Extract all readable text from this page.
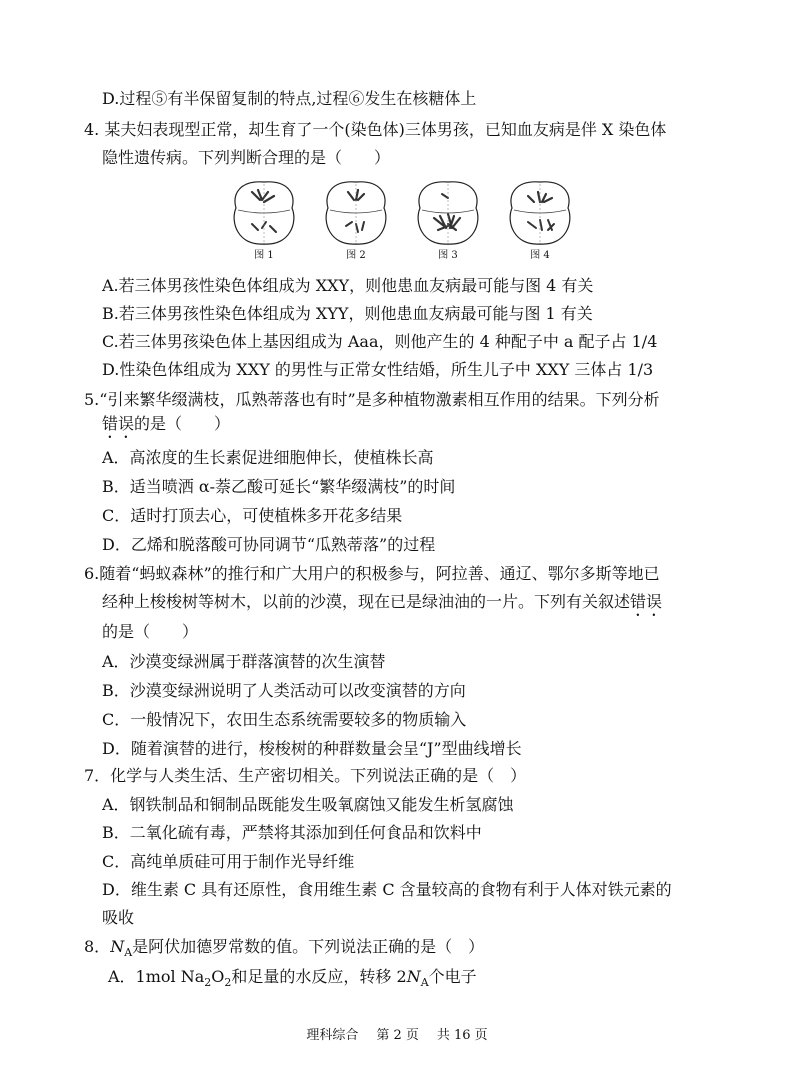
D.过程⑤有半保留复制的特点,过程⑥发生在核糖体上
4. 某夫妇表现型正常，却生育了一个(染色体)三体男孩，已知血友病是伴 X 染色体
隐性遗传病。下列判断合理的是（　　）
图 1	图 2	图 3	图 4
A.若三体男孩性染色体组成为 XXY，则他患血友病最可能与图 4 有关
B.若三体男孩性染色体组成为 XYY，则他患血友病最可能与图 1 有关
C.若三体男孩染色体上基因组成为 Aaa，则他产生的 4 种配子中 a 配子占 1/4
D.性染色体组成为 XXY 的男性与正常女性结婚，所生儿子中 XXY 三体占 1/3
5.“引来繁华缀满枝，瓜熟蒂落也有时”是多种植物激素相互作用的结果。下列分析
错误的是（　　）
A．高浓度的生长素促进细胞伸长，使植株长高
B．适当喷洒 α-萘乙酸可延长“繁华缀满枝”的时间
C．适时打顶去心，可使植株多开花多结果
D．乙烯和脱落酸可协同调节“瓜熟蒂落”的过程
6.随着“蚂蚁森林”的推行和广大用户的积极参与，阿拉善、通辽、鄂尔多斯等地已
经种上梭梭树等树木，以前的沙漠，现在已是绿油油的一片。下列有关叙述错误
的是（　　）
A．沙漠变绿洲属于群落演替的次生演替
B．沙漠变绿洲说明了人类活动可以改变演替的方向
C．一般情况下，农田生态系统需要较多的物质输入
D．随着演替的进行，梭梭树的种群数量会呈“J”型曲线增长
7．化学与人类生活、生产密切相关。下列说法正确的是（　）
A．钢铁制品和铜制品既能发生吸氧腐蚀又能发生析氢腐蚀
B．二氧化硫有毒，严禁将其添加到任何食品和饮料中
C．高纯单质硅可用于制作光导纤维
D．维生素 C 具有还原性，食用维生素 C 含量较高的食物有利于人体对铁元素的
吸收
8．$N_A$是阿伏加德罗常数的值。下列说法正确的是（　）
A．1mol $Na_2O_2$和足量的水反应，转移 $2N_A$个电子
理科综合 第 2 页 共 16 页
